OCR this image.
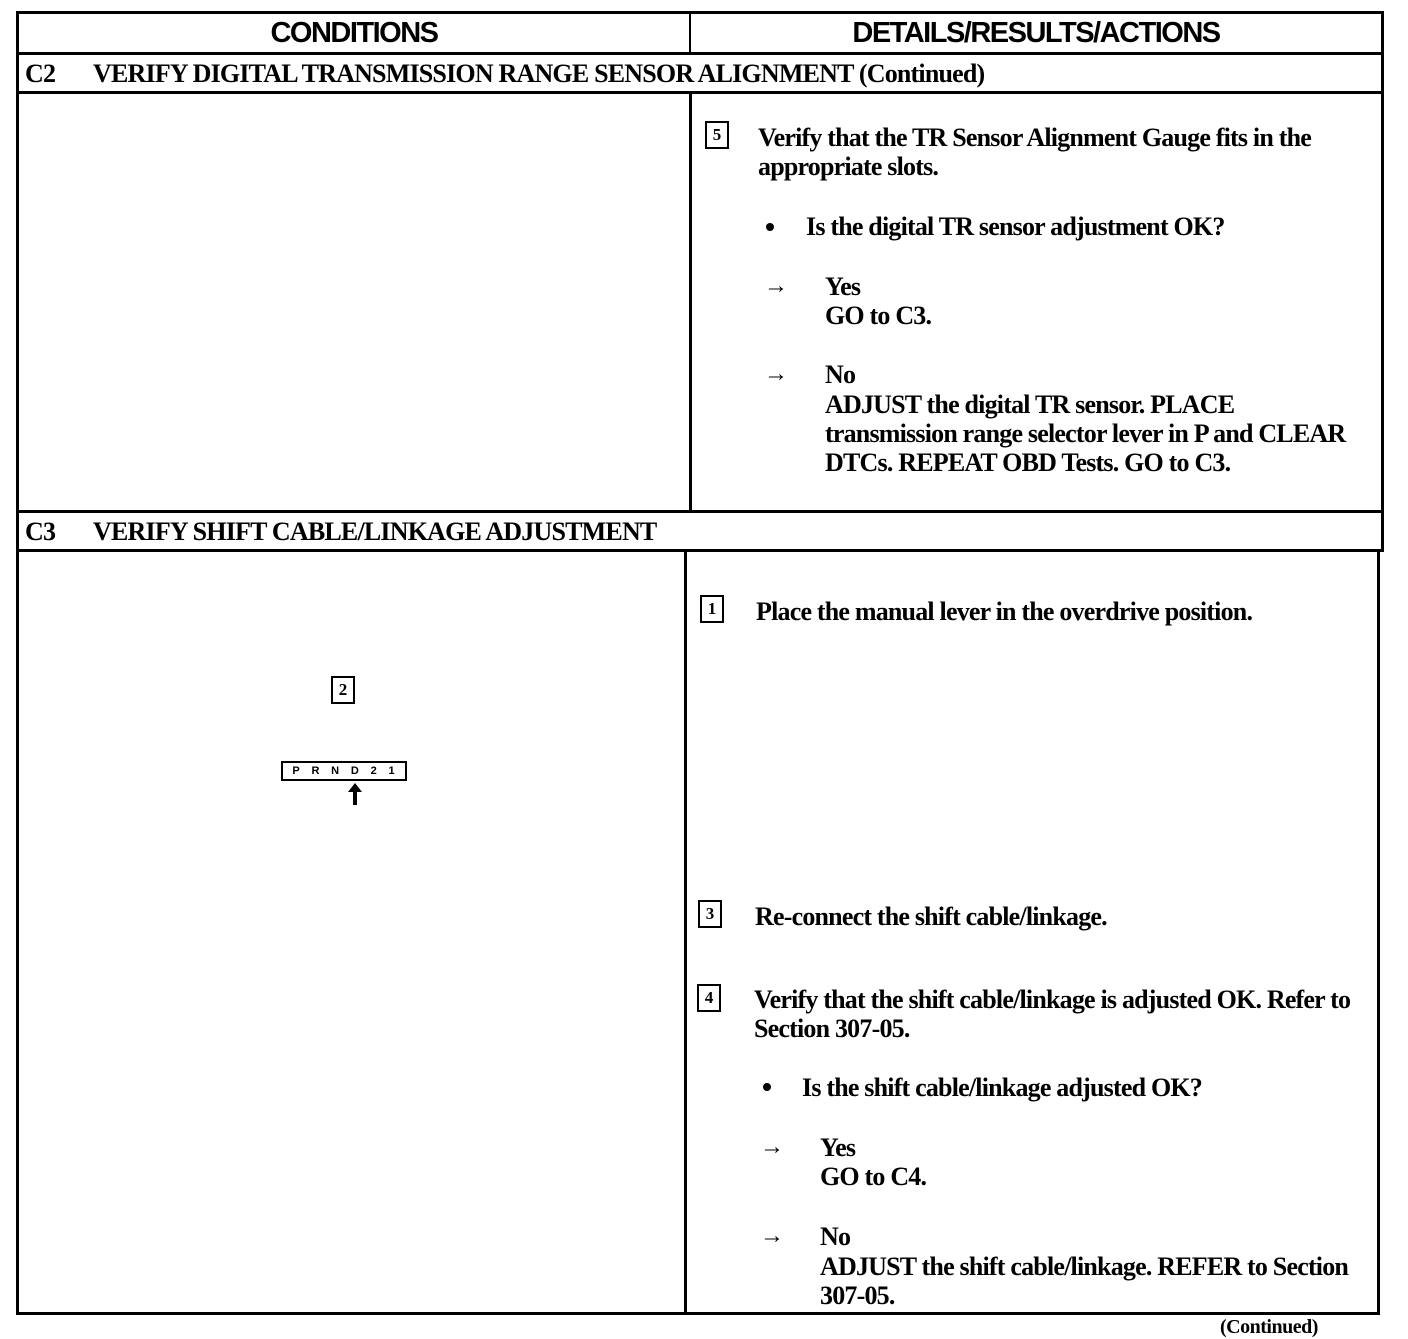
CONDITIONS	DETAILS/RESULTS/ACTIONS
C2	VERIFY DIGITAL TRANSMISSION RANGE SENSOR ALIGNMENT (Continued)
5 Verify that the TR Sensor Alignment Gauge fits in the appropriate slots.
Is the digital TR sensor adjustment OK?
→ Yes
GO to C3.
→ No
ADJUST the digital TR sensor. PLACE transmission range selector lever in P and CLEAR DTCs. REPEAT OBD Tests. GO to C3.
C3	VERIFY SHIFT CABLE/LINKAGE ADJUSTMENT
2
P R N D 2 1
1 Place the manual lever in the overdrive position.
3 Re-connect the shift cable/linkage.
4 Verify that the shift cable/linkage is adjusted OK. Refer to Section 307-05.
Is the shift cable/linkage adjusted OK?
→ Yes
GO to C4.
→ No
ADJUST the shift cable/linkage. REFER to Section 307-05.
(Continued)
